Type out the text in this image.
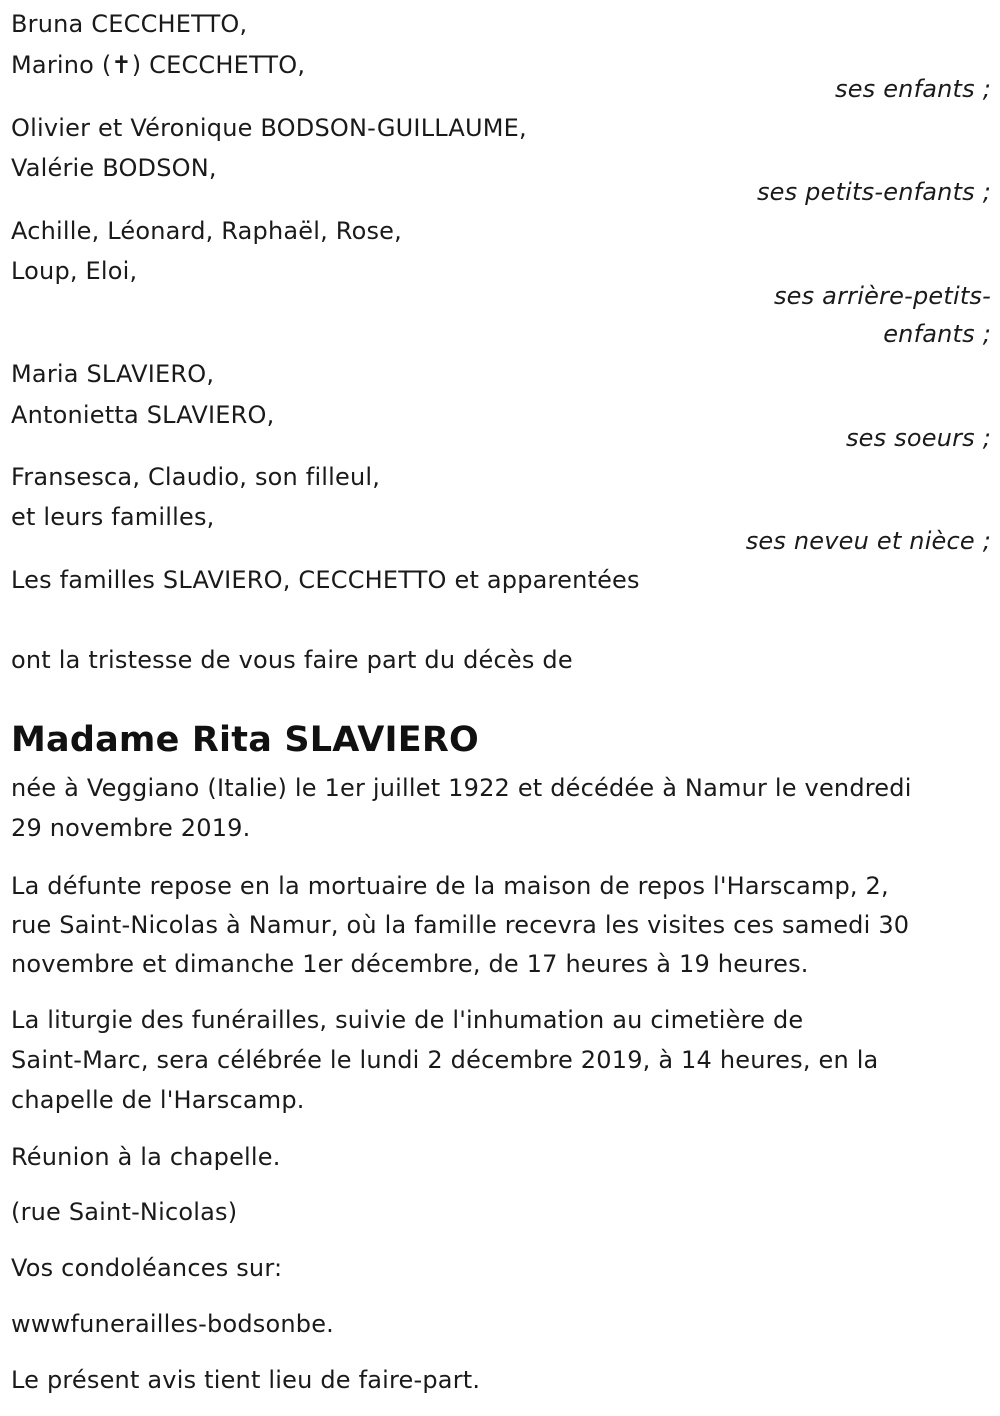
Bruna CECCHETTO,
Marino (✝) CECCHETTO,
ses enfants ;
Olivier et Véronique BODSON-GUILLAUME,
Valérie BODSON,
ses petits-enfants ;
Achille, Léonard, Raphaël, Rose,
Loup, Eloi,
ses arrière-petits-
enfants ;
Maria SLAVIERO,
Antonietta SLAVIERO,
ses soeurs ;
Fransesca, Claudio, son filleul,
et leurs familles,
ses neveu et nièce ;
Les familles SLAVIERO, CECCHETTO et apparentées
ont la tristesse de vous faire part du décès de
Madame Rita SLAVIERO
née à Veggiano (Italie) le 1er juillet 1922 et décédée à Namur le vendredi
29 novembre 2019.
La défunte repose en la mortuaire de la maison de repos l'Harscamp, 2,
rue Saint-Nicolas à Namur, où la famille recevra les visites ces samedi 30
novembre et dimanche 1er décembre, de 17 heures à 19 heures.
La liturgie des funérailles, suivie de l'inhumation au cimetière de
Saint-Marc, sera célébrée le lundi 2 décembre 2019, à 14 heures, en la
chapelle de l'Harscamp.
Réunion à la chapelle.
(rue Saint-Nicolas)
Vos condoléances sur:
wwwfunerailles-bodsonbe.
Le présent avis tient lieu de faire-part.
